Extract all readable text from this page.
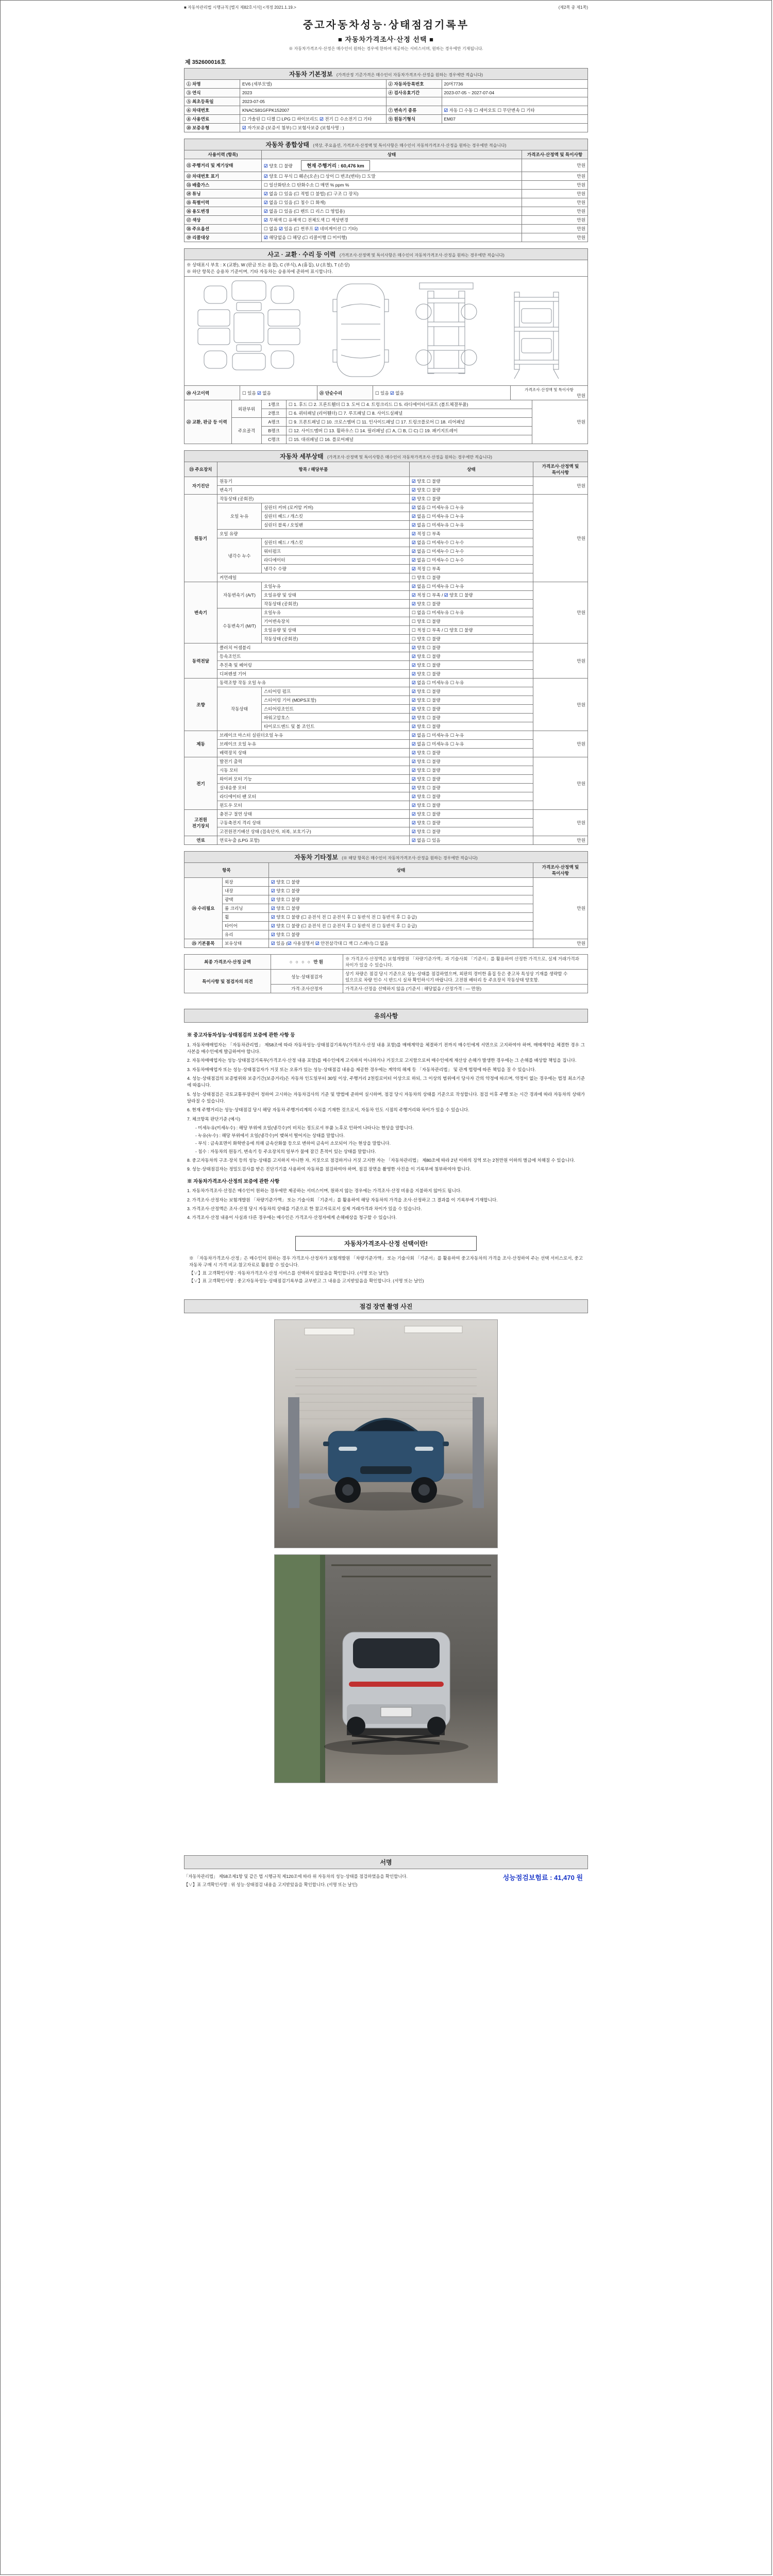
■ 자동차관리법 시행규칙 [별지 제82호서식] <개정 2021.1.19.>	(제2쪽 중 제1쪽)
중고자동차성능·상태점검기록부
■ 자동차가격조사·산정 선택 ■
※ 자동차가격조사·산정은 매수인이 원하는 경우에 한하여 제공하는 서비스이며, 원하는 경우에만 기재됩니다.
제 352600016호
자동차 기본정보 (가격산정 기준가격은 매수인이 자동차가격조사·산정을 원하는 경우에만 적습니다)			
① 차명	EV6 (세부모델)	② 자동차등록번호	20머7736
③ 연식	2023	④ 검사유효기간	2023-07-05 ~ 2027-07-04
⑤ 최초등록일	2023-07-05		
⑥ 차대번호	KNACS81GFPK152007	⑦ 변속기 종류	☑ 자동 ☐ 수동 ☐ 세미오토 ☐ 무단변속 ☐ 기타
⑧ 사용연료	☐ 가솔린 ☐ 디젤 ☐ LPG ☐ 하이브리드 ☑ 전기 ☐ 수소전기 ☐ 기타	⑨ 원동기형식	EM07
⑩ 보증유형	☑ 자가보증 (보증서 첨부) ☐ 보험사보증 (보험사명 : )		
자동차 종합상태 (색상, 주요옵션, 가격조사·산정액 및 특이사항은 매수인이 자동차가격조사·산정을 원하는 경우에만 적습니다)		
사용이력 (항목)	상태	가격조사·산정액 및 특이사항
⑪ 주행거리 및 계기상태	☑ 양호 ☐ 불량 현재 주행거리 : 60,476 km	만원
⑫ 차대번호 표기	☑ 양호 ☐ 부식 ☐ 훼손(오손) ☐ 상이 ☐ 변조(변타) ☐ 도말	만원
⑬ 배출가스	☐ 일산화탄소 ☐ 탄화수소 ☐ 매연 % ppm %	만원
⑭ 튜닝	☑ 없음 ☐ 있음 (☐ 적법 ☐ 불법) (☐ 구조 ☐ 장치)	만원
⑮ 특별이력	☑ 없음 ☐ 있음 (☐ 침수 ☐ 화재)	만원
⑯ 용도변경	☑ 없음 ☐ 있음 (☐ 렌트 ☐ 리스 ☐ 영업용)	만원
⑰ 색상	☑ 무채색 ☐ 유채색 ☐ 전체도색 ☐ 색상변경	만원
⑱ 주요옵션	☐ 없음 ☑ 있음 (☐ 썬루프 ☑ 네비게이션 ☐ 기타)	만원
⑲ 리콜대상	☑ 해당없음 ☐ 해당 (☐ 리콜이행 ☐ 미이행)	만원
사고 · 교환 · 수리 등 이력 (가격조사·산정액 및 특이사항은 매수인이 자동차가격조사·산정을 원하는 경우에만 적습니다)

※ 상태표시 부호 : X (교환), W (판금 또는 용접), C (부식), A (흠집), U (요철), T (손상)
※ 하단 항목은 승용차 기준이며, 기타 자동차는 승용차에 준하여 표시합니다.

⑳ 사고이력	☐ 있음 ☑ 없음	㉑ 단순수리	☐ 있음 ☑ 없음	
가격조사·산정액 및 특이사항
만원
㉒ 교환, 판금 등 이력	외판부위	1랭크	☐ 1. 후드 ☐ 2. 프론트휀더 ☐ 3. 도어 ☐ 4. 트렁크리드 ☐ 5. 라디에이터서포트 (볼트체결부품)	만원
		2랭크	☐ 6. 쿼터패널 (리어휀더) ☐ 7. 루프패널 ☐ 8. 사이드실패널	
	주요골격	A랭크	☐ 9. 프론트패널 ☐ 10. 크로스멤버 ☐ 11. 인사이드패널 ☐ 17. 트렁크플로어 ☐ 18. 리어패널	
		B랭크	☐ 12. 사이드멤버 ☐ 13. 휠하우스 ☐ 14. 필러패널 (☐ A, ☐ B, ☐ C) ☐ 19. 패키지트레이	
		C랭크	☐ 15. 대쉬패널 ☐ 16. 플로어패널	
자동차 세부상태 (가격조사·산정액 및 특이사항은 매수인이 자동차가격조사·산정을 원하는 경우에만 적습니다)				
㉓ 주요장치	항목 / 해당부품		상태	가격조사·산정액 및 특이사항
자기진단	원동기		☑ 양호 ☐ 불량	만원
	변속기		☑ 양호 ☐ 불량	
원동기	작동상태 (공회전)		☑ 양호 ☐ 불량	만원
	오일 누유	실린더 커버 (로커암 커버)	☑ 없음 ☐ 미세누유 ☐ 누유	
		실린더 헤드 / 개스킷	☑ 없음 ☐ 미세누유 ☐ 누유	
		실린더 블록 / 오일팬	☑ 없음 ☐ 미세누유 ☐ 누유	
	오일 유량		☑ 적정 ☐ 부족	
	냉각수 누수	실린더 헤드 / 개스킷	☑ 없음 ☐ 미세누수 ☐ 누수	
		워터펌프	☑ 없음 ☐ 미세누수 ☐ 누수	
		라디에이터	☑ 없음 ☐ 미세누수 ☐ 누수	
		냉각수 수량	☑ 적정 ☐ 부족	
	커먼레일		☐ 양호 ☐ 불량	
변속기	자동변속기 (A/T)	오일누유	☑ 없음 ☐ 미세누유 ☐ 누유	만원
		오일유량 및 상태	☑ 적정 ☐ 부족 / ☑ 양호 ☐ 불량	
		작동상태 (공회전)	☑ 양호 ☐ 불량	
	수동변속기 (M/T)	오일누유	☐ 없음 ☐ 미세누유 ☐ 누유	
		기어변속장치	☐ 양호 ☐ 불량	
		오일유량 및 상태	☐ 적정 ☐ 부족 / ☐ 양호 ☐ 불량	
		작동상태 (공회전)	☐ 양호 ☐ 불량	
동력전달	클러치 어셈블리		☑ 양호 ☐ 불량	만원
	등속조인트		☑ 양호 ☐ 불량	
	추진축 및 베어링		☑ 양호 ☐ 불량	
	디퍼렌셜 기어		☑ 양호 ☐ 불량	
조향	동력조향 작동 오일 누유		☑ 없음 ☐ 미세누유 ☐ 누유	만원
	작동상태	스티어링 펌프	☑ 양호 ☐ 불량	
		스티어링 기어 (MDPS포함)	☑ 양호 ☐ 불량	
		스티어링조인트	☑ 양호 ☐ 불량	
		파워고압호스	☑ 양호 ☐ 불량	
		타이로드엔드 및 볼 조인트	☑ 양호 ☐ 불량	
제동	브레이크 마스터 실린더오일 누유		☑ 없음 ☐ 미세누유 ☐ 누유	만원
	브레이크 오일 누유		☑ 없음 ☐ 미세누유 ☐ 누유	
	배력장치 상태		☑ 양호 ☐ 불량	
전기	발전기 출력		☑ 양호 ☐ 불량	만원
	시동 모터		☑ 양호 ☐ 불량	
	와이퍼 모터 기능		☑ 양호 ☐ 불량	
	실내송풍 모터		☑ 양호 ☐ 불량	
	라디에이터 팬 모터		☑ 양호 ☐ 불량	
	윈도우 모터		☑ 양호 ☐ 불량	
고전원 전기장치	충전구 절연 상태		☑ 양호 ☐ 불량	만원
	구동축전지 격리 상태		☑ 양호 ☐ 불량	
	고전원전기배선 상태 (접속단자, 피복, 보호기구)		☑ 양호 ☐ 불량	
연료	연료누출 (LPG 포함)		☑ 없음 ☐ 있음	만원
자동차 기타정보 (※ 해당 항목은 매수인이 자동차가격조사·산정을 원하는 경우에만 적습니다)			
항목		상태	가격조사·산정액 및 특이사항
㉔ 수리필요	외장	☑ 양호 ☐ 불량	만원
	내장	☑ 양호 ☐ 불량	
	광택	☑ 양호 ☐ 불량	
	룸 크리닝	☑ 양호 ☐ 불량	
	휠	☑ 양호 ☐ 불량 (☐ 운전석 전 ☐ 운전석 후 ☐ 동반석 전 ☐ 동반석 후 ☐ 응급)	
	타이어	☑ 양호 ☐ 불량 (☐ 운전석 전 ☐ 운전석 후 ☐ 동반석 전 ☐ 동반석 후 ☐ 응급)	
	유리	☑ 양호 ☐ 불량	
㉕ 기본품목	보유상태	☑ 있음 (☑ 사용설명서 ☑ 안전삼각대 ☐ 잭 ☐ 스패너) ☐ 없음	만원
최종 가격조사·산정 금액	○ ○ ○ ○ 만원	※ 가격조사·산정액은 보험개발원 「차량기준가액」과 기술사회 「기준서」를 활용하여 산정한 가격으로, 실제 거래가격과 차이가 있을 수 있습니다.
특이사항 및 점검자의 의견	성능·상태점검자	상기 차량은 점검 당시 기준으로 성능·상태를 점검하였으며, 외판의 경미한 흠집 등은 중고차 특성상 기재를 생략할 수 있으므로 차량 인수 시 반드시 실차 확인하시기 바랍니다. 고전원 배터리 등 주요장치 작동상태 양호함.
	가격·조사산정자	가격조사·산정을 선택하지 않음 (기준서 : 해당없음 / 산정가격 : ― 만원)
유의사항
※ 중고자동차성능·상태점검의 보증에 관한 사항 등

1. 자동차매매업자는 「자동차관리법」 제58조에 따라 자동차성능·상태점검기록부(가격조사·산정 내용 포함)를 매매계약을 체결하기 전까지 매수인에게 서면으로 고지하여야 하며, 매매계약을 체결한 경우 그 사본을 매수인에게 발급하여야 합니다.

2. 자동차매매업자는 성능·상태점검기록부(가격조사·산정 내용 포함)를 매수인에게 고지하지 아니하거나 거짓으로 고지함으로써 매수인에게 재산상 손해가 발생한 경우에는 그 손해를 배상할 책임을 집니다.

3. 자동차매매업자 또는 성능·상태점검자가 거짓 또는 오류가 있는 성능·상태점검 내용을 제공한 경우에는 계약의 해제 등 「자동차관리법」 및 관계 법령에 따른 책임을 질 수 있습니다.

4. 성능·상태점검의 보증범위와 보증기간(보증거리)은 자동차 인도일부터 30일 이상, 주행거리 2천킬로미터 이상으로 하되, 그 이상의 범위에서 당사자 간의 약정에 따르며, 약정이 없는 경우에는 법정 최소기준에 따릅니다.

5. 성능·상태점검은 국토교통부장관이 정하여 고시하는 자동차검사의 기준 및 방법에 준하여 실시하며, 점검 당시 자동차의 상태를 기준으로 작성합니다. 점검 이후 주행 또는 시간 경과에 따라 자동차의 상태가 달라질 수 있습니다.

6. 현재 주행거리는 성능·상태점검 당시 해당 자동차 주행거리계의 수치를 기재한 것으로서, 자동차 인도 시점의 주행거리와 차이가 있을 수 있습니다.

7. 체크항목 판단기준 (예시)

- 미세누유(미세누수) : 해당 부위에 오일(냉각수)이 비치는 정도로서 부품 노후로 인하여 나타나는 현상을 말합니다.

- 누유(누수) : 해당 부위에서 오일(냉각수)이 맺혀서 떨어지는 상태를 말합니다.

- 부식 : 금속표면이 화학반응에 의해 금속산화물 등으로 변하여 금속이 소모되어 가는 현상을 말합니다.

- 침수 : 자동차의 원동기, 변속기 등 주요장치의 일부가 물에 잠긴 흔적이 있는 상태를 말합니다.

8. 중고자동차의 구조·장치 등의 성능·상태를 고지하지 아니한 자, 거짓으로 점검하거나 거짓 고지한 자는 「자동차관리법」 제80조에 따라 2년 이하의 징역 또는 2천만원 이하의 벌금에 처해질 수 있습니다.

9. 성능·상태점검자는 정밀도검사를 받은 진단기기를 사용하여 자동차를 점검하여야 하며, 점검 장면을 촬영한 사진을 이 기록부에 첨부하여야 합니다.

※ 자동차가격조사·산정의 보증에 관한 사항

1. 자동차가격조사·산정은 매수인이 원하는 경우에만 제공하는 서비스이며, 원하지 않는 경우에는 가격조사·산정 비용을 지불하지 않아도 됩니다.

2. 가격조사·산정자는 보험개발원 「차량기준가액」 또는 기술사회 「기준서」를 활용하여 해당 자동차의 가격을 조사·산정하고 그 결과를 이 기록부에 기재합니다.

3. 가격조사·산정액은 조사·산정 당시 자동차의 상태를 기준으로 한 참고자료로서 실제 거래가격과 차이가 있을 수 있습니다.

4. 가격조사·산정 내용이 사실과 다른 경우에는 매수인은 가격조사·산정자에게 손해배상을 청구할 수 있습니다.

자동차가격조사·산정 선택이란!

※ 「자동차가격조사·산정」은 매수인이 원하는 경우 가격조사·산정자가 보험개발원 「차량기준가액」 또는 기술사회 「기준서」를 활용하여 중고자동차의 가격을 조사·산정하여 주는 선택 서비스로서, 중고자동차 구매 시 가격 비교·참고자료로 활용할 수 있습니다.

【∨】표 고객확인사항 : 자동차가격조사·산정 서비스를 선택하지 않았음을 확인합니다. (서명 또는 날인)

【∨】표 고객확인사항 : 중고자동차성능·상태점검기록부를 교부받고 그 내용을 고지받았음을 확인합니다. (서명 또는 날인)

점검 장면 촬영 사진
서명

「자동차관리법」 제58조제1항 및 같은 법 시행규칙 제120조에 따라 위 자동차의 성능·상태를 점검하였음을 확인합니다.

【∨】표 고객확인사항 : 위 성능·상태점검 내용을 고지받았음을 확인합니다. (서명 또는 날인)

성능점검보험료 : 41,470 원
